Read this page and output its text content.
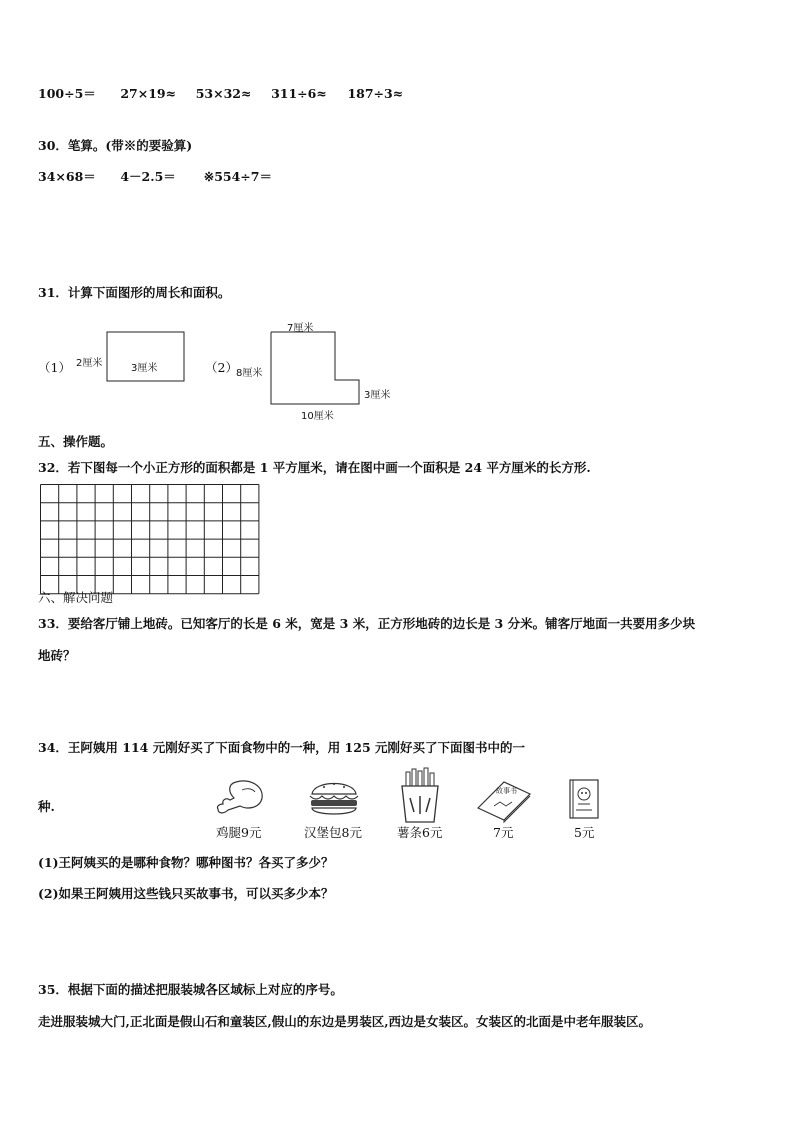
100÷5＝ 27×19≈ 53×32≈ 311÷6≈ 187÷3≈
30．笔算。(带※的要验算)
34×68＝ 4－2.5＝ ※554÷7＝
31．计算下面图形的周长和面积。
（1） 2厘米	3厘米	（2）
7厘米
8厘米
3厘米
10厘米
五、操作题。
32．若下图每一个小正方形的面积都是 1 平方厘米，请在图中画一个面积是 24 平方厘米的长方形.
六、解决问题
33．要给客厅铺上地砖。已知客厅的长是 6 米，宽是 3 米，正方形地砖的边长是 3 分米。铺客厅地面一共要用多少块
地砖？
34．王阿姨用 114 元刚好买了下面食物中的一种，用 125 元刚好买了下面图书中的一
种.
故事书
鸡腿9元	汉堡包8元	薯条6元	7元	5元
(1)王阿姨买的是哪种食物？哪种图书？各买了多少？
(2)如果王阿姨用这些钱只买故事书，可以买多少本？
35．根据下面的描述把服装城各区域标上对应的序号。
走进服装城大门,正北面是假山石和童装区,假山的东边是男装区,西边是女装区。女装区的北面是中老年服装区。
